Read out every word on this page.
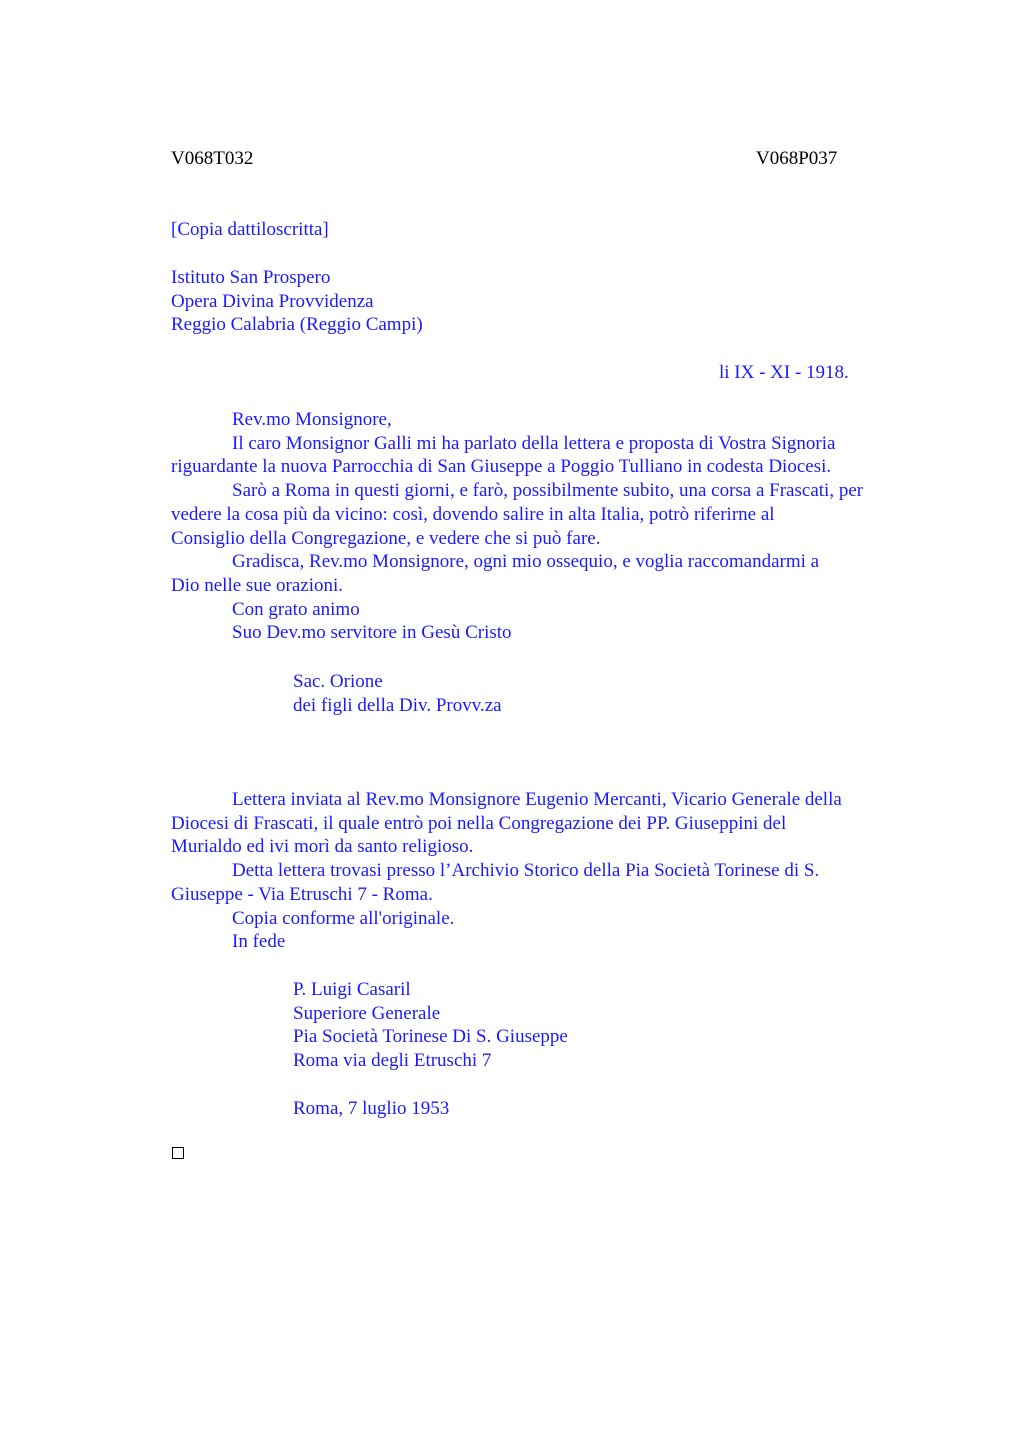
V068T032	V068P037
[Copia dattiloscritta]
Istituto San Prospero
Opera Divina Provvidenza
Reggio Calabria (Reggio Campi)
li IX - XI - 1918.
Rev.mo Monsignore,
Il caro Monsignor Galli mi ha parlato della lettera e proposta di Vostra Signoria
riguardante la nuova Parrocchia di San Giuseppe a Poggio Tulliano in codesta Diocesi.
Sarò a Roma in questi giorni, e farò, possibilmente subito, una corsa a Frascati, per
vedere la cosa più da vicino: così, dovendo salire in alta Italia, potrò riferirne al
Consiglio della Congregazione, e vedere che si può fare.
Gradisca, Rev.mo Monsignore, ogni mio ossequio, e voglia raccomandarmi a
Dio nelle sue orazioni.
Con grato animo
Suo Dev.mo servitore in Gesù Cristo
Sac. Orione
dei figli della Div. Provv.za
Lettera inviata al Rev.mo Monsignore Eugenio Mercanti, Vicario Generale della
Diocesi di Frascati, il quale entrò poi nella Congregazione dei PP. Giuseppini del
Murialdo ed ivi morì da santo religioso.
Detta lettera trovasi presso l’Archivio Storico della Pia Società Torinese di S.
Giuseppe - Via Etruschi 7 - Roma.
Copia conforme all'originale.
In fede
P. Luigi Casaril
Superiore Generale
Pia Società Torinese Di S. Giuseppe
Roma via degli Etruschi 7
Roma, 7 luglio 1953
